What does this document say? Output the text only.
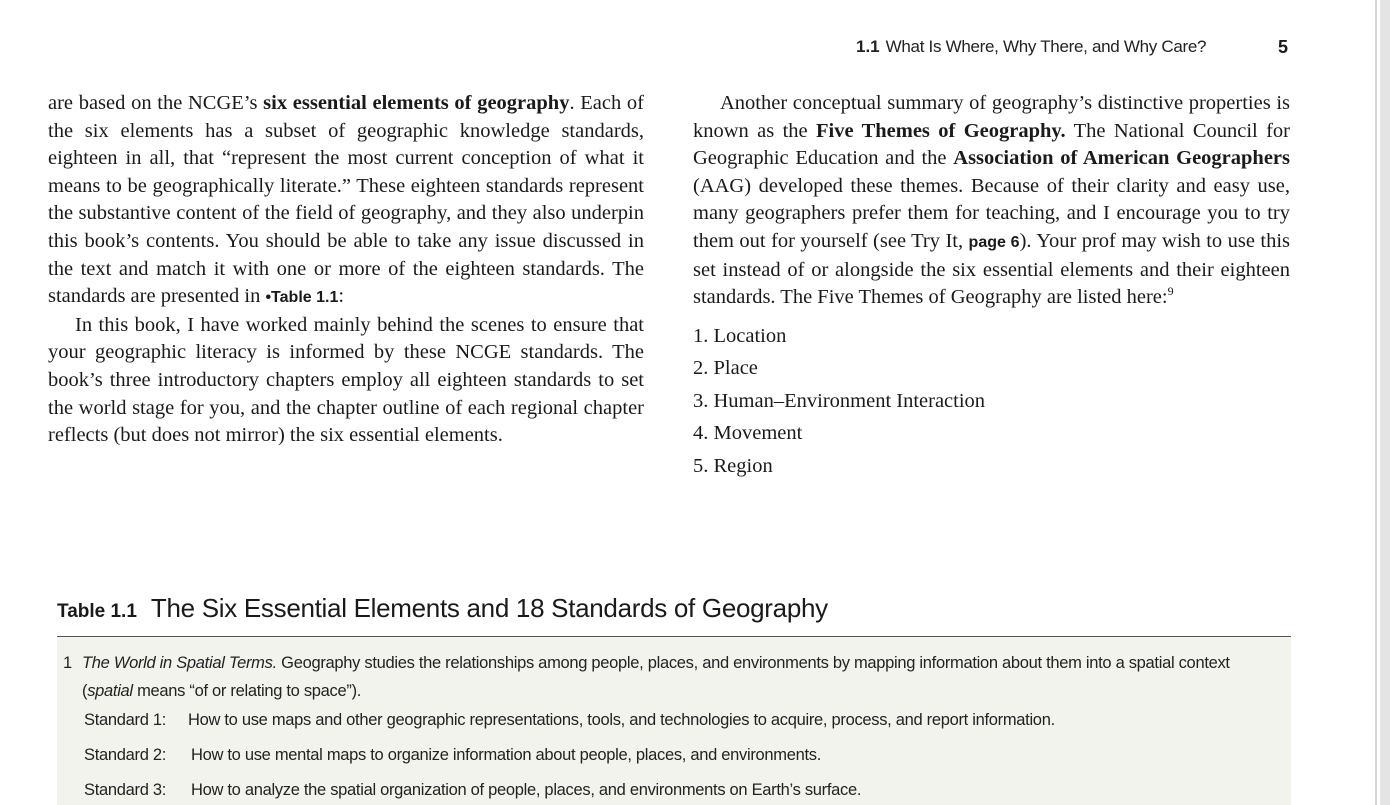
1.1 What Is Where, Why There, and Why Care?	5

are based on the NCGE’s six essential elements of geography. Each of the six elements has a subset of geographic knowledge standards, eighteen in all, that “represent the most current conception of what it means to be geographically literate.” These eighteen standards represent the substantive content of the field of geography, and they also underpin this book’s contents. You should be able to take any issue discussed in the text and match it with one or more of the eighteen standards. The standards are presented in •Table 1.1:

In this book, I have worked mainly behind the scenes to ensure that your geographic literacy is informed by these NCGE standards. The book’s three introductory chapters employ all eighteen standards to set the world stage for you, and the chapter outline of each regional chapter reflects (but does not mirror) the six essential elements.

Another conceptual summary of geography’s distinctive properties is known as the Five Themes of Geography. The National Council for Geographic Education and the Association of American Geographers (AAG) developed these themes. Because of their clarity and easy use, many geographers prefer them for teaching, and I encourage you to try them out for yourself (see Try It, page 6). Your prof may wish to use this set instead of or alongside the six essential elements and their eighteen standards. The Five Themes of Geography are listed here:$^9$

1. Location
2. Place
3. Human–Environment Interaction
4. Movement
5. Region
Table 1.1 The Six Essential Elements and 18 Standards of Geography
1 The World in Spatial Terms. Geography studies the relationships among people, places, and environments by mapping information about them into a spatial context (spatial means “of or relating to space”).
Standard 1: How to use maps and other geographic representations, tools, and technologies to acquire, process, and report information.
Standard 2: How to use mental maps to organize information about people, places, and environments.
Standard 3: How to analyze the spatial organization of people, places, and environments on Earth’s surface.
